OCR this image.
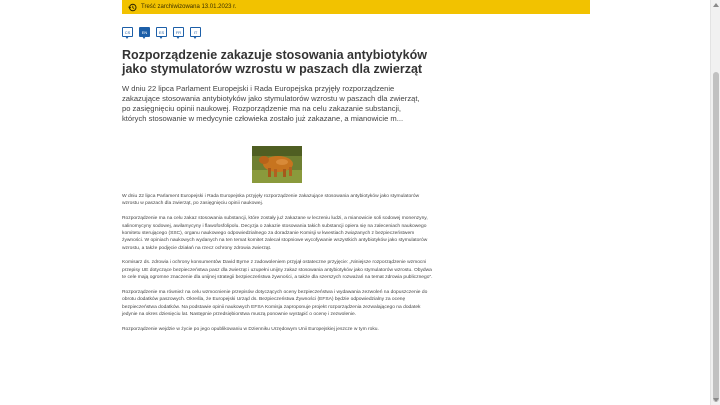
Treść zarchiwizowana 13.01.2023 r.
CS	EN	ES	FR	IT
Rozporządzenie zakazuje stosowania antybiotyków jako stymulatorów wzrostu w paszach dla zwierząt

W dniu 22 lipca Parlament Europejski i Rada Europejska przyjęły rozporządzenie zakazujące stosowania antybiotyków jako stymulatorów wzrostu w paszach dla zwierząt, po zasięgnięciu opinii naukowej. Rozporządzenie ma na celu zakazanie substancji, których stosowanie w medycynie człowieka zostało już zakazane, a mianowicie m...

W dniu 22 lipca Parlament Europejski i Rada Europejska przyjęły rozporządzenie zakazujące stosowania antybiotyków jako stymulatorów wzrostu w paszach dla zwierząt, po zasięgnięciu opinii naukowej.

Rozporządzenie ma na celu zakaz stosowania substancji, które zostały już zakazane w leczeniu ludzi, a mianowicie soli sodowej monenzyny, salinomycyny sodowej, awilamycyny i flawofosfolipolu. Decyzja o zakazie stosowania takich substancji opiera się na zaleceniach naukowego komitetu sterującego (SSC), organu naukowego odpowiedzialnego za doradzanie Komisji w kwestiach związanych z bezpieczeństwem żywności. W opiniach naukowych wydanych na ten temat komitet zalecał stopniowe wycofywanie wszystkich antybiotyków jako stymulatorów wzrostu, a także podjęcie działań na rzecz ochrony zdrowia zwierząt.

Komisarz ds. zdrowia i ochrony konsumentów David Byrne z zadowoleniem przyjął ostateczne przyjęcie: „Niniejsze rozporządzenie wzmocni przepisy UE dotyczące bezpieczeństwa pasz dla zwierząt i uzupełni unijny zakaz stosowania antybiotyków jako stymulatorów wzrostu. Obydwa te cele mają ogromne znaczenie dla unijnej strategii bezpieczeństwa żywności, a także dla szerszych rozważań na temat zdrowia publicznego”.

Rozporządzenie ma również na celu wzmocnienie przepisów dotyczących oceny bezpieczeństwa i wydawania zezwoleń na dopuszczenie do obrotu dodatków paszowych. Określa, że Europejski Urząd ds. Bezpieczeństwa Żywności (EFSA) będzie odpowiedzialny za ocenę bezpieczeństwa dodatków. Na podstawie opinii naukowych EFSA Komisja zaproponuje projekt rozporządzenia zezwalającego na dodatek jedynie na okres dziesięciu lat. Następnie przedsiębiorstwa muszą ponownie wystąpić o ocenę i zezwolenie.

Rozporządzenie wejdzie w życie po jego opublikowaniu w Dzienniku Urzędowym Unii Europejskiej jeszcze w tym roku.
